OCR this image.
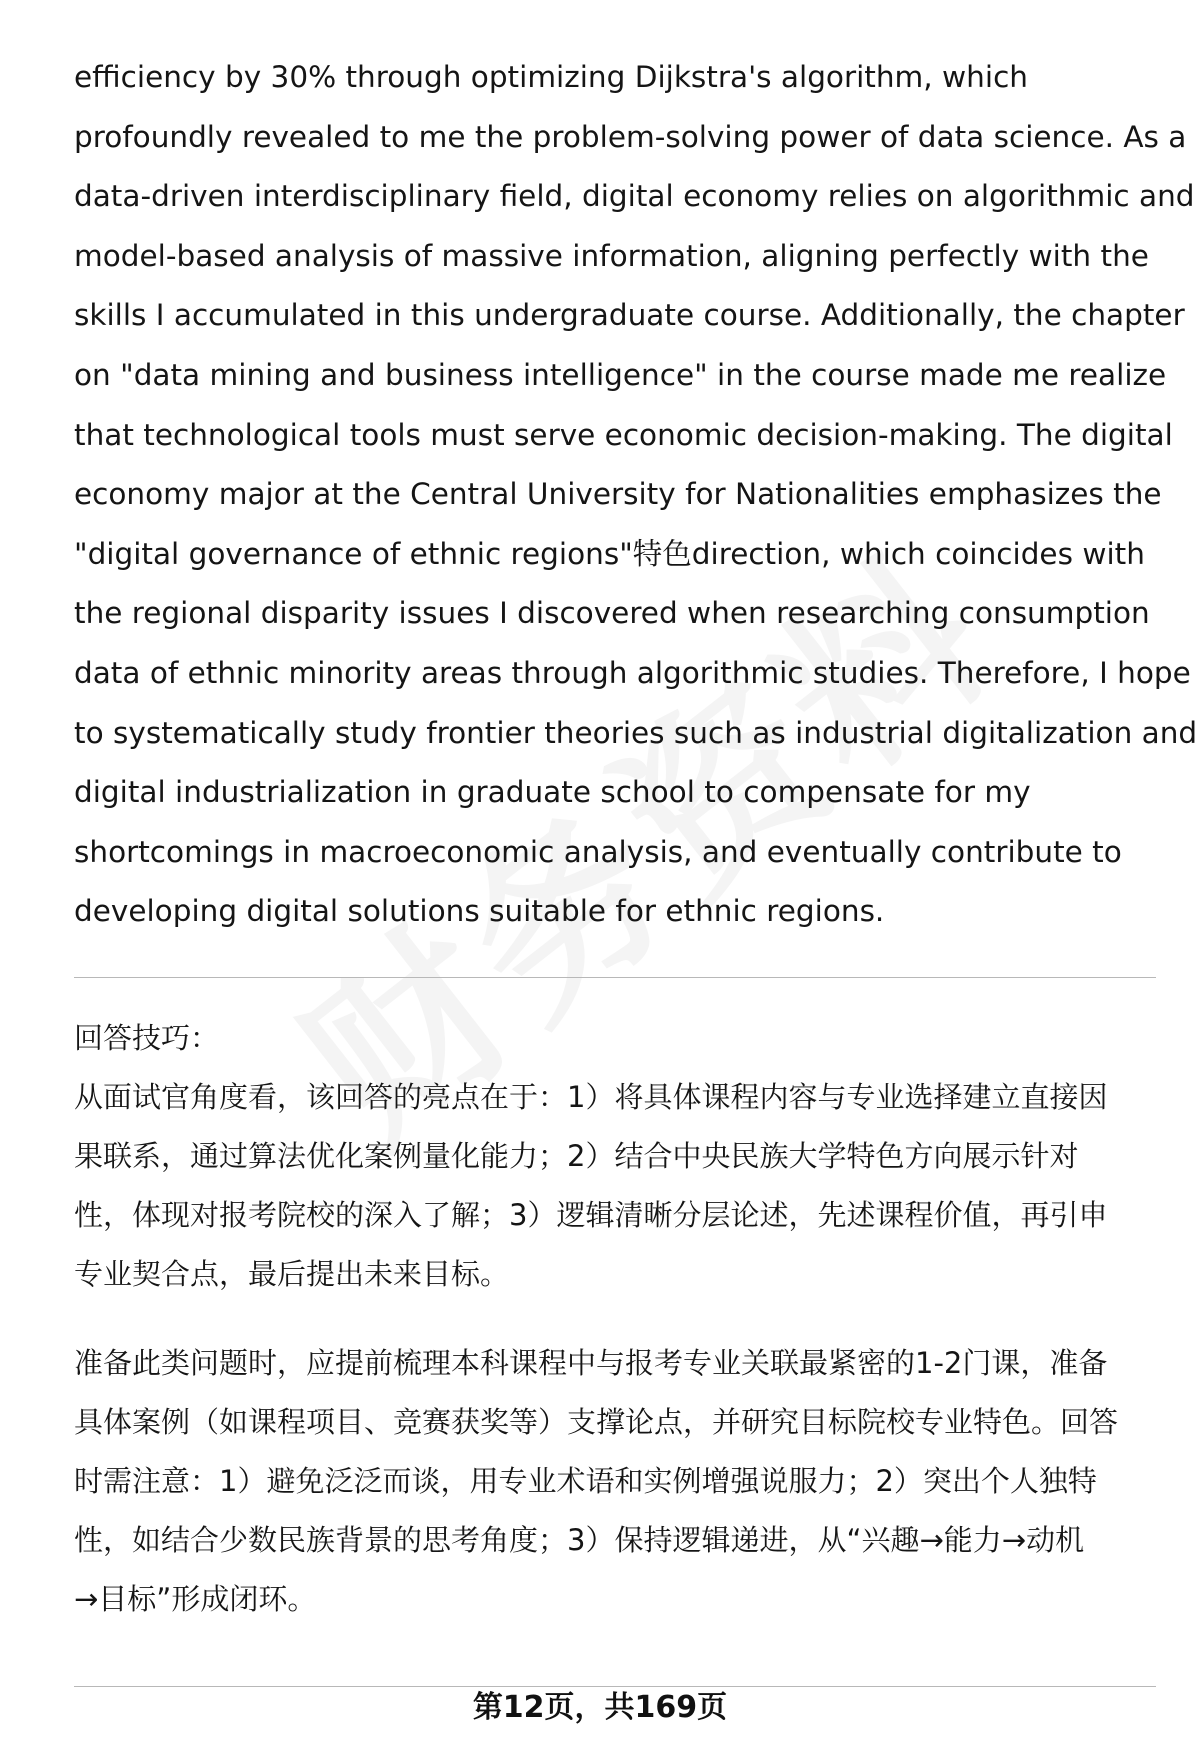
efficiency by 30% through optimizing Dijkstra's algorithm, which
profoundly revealed to me the problem-solving power of data science. As a
data-driven interdisciplinary field, digital economy relies on algorithmic and
model-based analysis of massive information, aligning perfectly with the
skills I accumulated in this undergraduate course. Additionally, the chapter
on "data mining and business intelligence" in the course made me realize
that technological tools must serve economic decision-making. The digital
economy major at the Central University for Nationalities emphasizes the
"digital governance of ethnic regions"特色direction, which coincides with
the regional disparity issues I discovered when researching consumption
data of ethnic minority areas through algorithmic studies. Therefore, I hope
to systematically study frontier theories such as industrial digitalization and
digital industrialization in graduate school to compensate for my
shortcomings in macroeconomic analysis, and eventually contribute to
developing digital solutions suitable for ethnic regions.

回答技巧：

从面试官角度看，该回答的亮点在于：1）将具体课程内容与专业选择建立直接因
果联系，通过算法优化案例量化能力；2）结合中央民族大学特色方向展示针对
性，体现对报考院校的深入了解；3）逻辑清晰分层论述，先述课程价值，再引申
专业契合点，最后提出未来目标。

准备此类问题时，应提前梳理本科课程中与报考专业关联最紧密的1-2门课，准备
具体案例（如课程项目、竞赛获奖等）支撑论点，并研究目标院校专业特色。回答
时需注意：1）避免泛泛而谈，用专业术语和实例增强说服力；2）突出个人独特
性，如结合少数民族背景的思考角度；3）保持逻辑递进，从“兴趣→能力→动机
→目标”形成闭环。

第12页，共169页
